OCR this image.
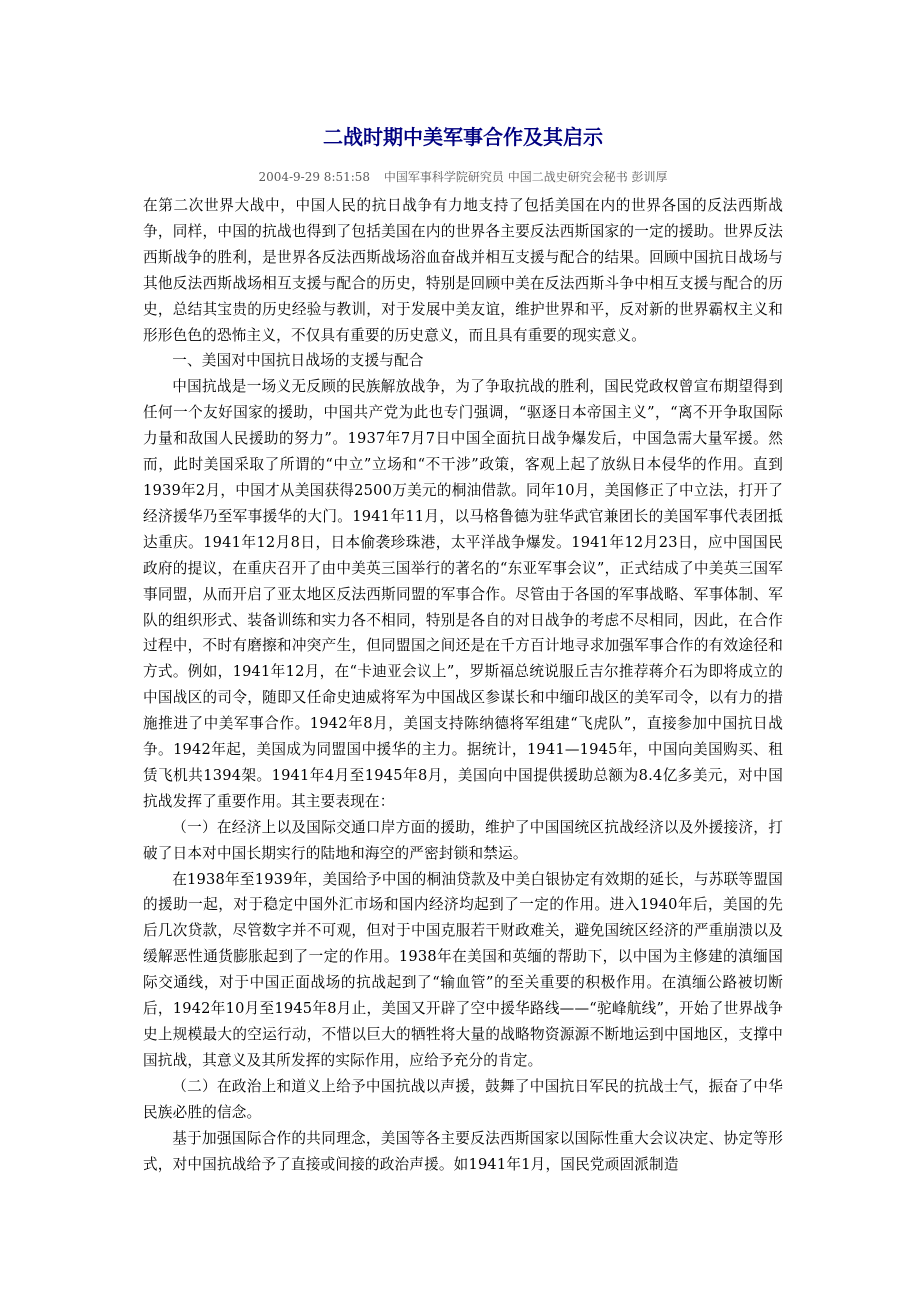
二战时期中美军事合作及其启示
2004-9-29 8:51:58 中国军事科学院研究员 中国二战史研究会秘书 彭训厚

在第二次世界大战中，中国人民的抗日战争有力地支持了包括美国在内的世界各国的反法西斯战争，同样，中国的抗战也得到了包括美国在内的世界各主要反法西斯国家的一定的援助。世界反法西斯战争的胜利，是世界各反法西斯战场浴血奋战并相互支援与配合的结果。回顾中国抗日战场与其他反法西斯战场相互支援与配合的历史，特别是回顾中美在反法西斯斗争中相互支援与配合的历史，总结其宝贵的历史经验与教训，对于发展中美友谊，维护世界和平，反对新的世界霸权主义和形形色色的恐怖主义，不仅具有重要的历史意义，而且具有重要的现实意义。

一、美国对中国抗日战场的支援与配合

中国抗战是一场义无反顾的民族解放战争，为了争取抗战的胜利，国民党政权曾宣布期望得到任何一个友好国家的援助，中国共产党为此也专门强调，“驱逐日本帝国主义”，“离不开争取国际力量和敌国人民援助的努力”。1937年7月7日中国全面抗日战争爆发后，中国急需大量军援。然而，此时美国采取了所谓的“中立”立场和“不干涉”政策，客观上起了放纵日本侵华的作用。直到1939年2月，中国才从美国获得2500万美元的桐油借款。同年10月，美国修正了中立法，打开了经济援华乃至军事援华的大门。1941年11月，以马格鲁德为驻华武官兼团长的美国军事代表团抵达重庆。1941年12月8日，日本偷袭珍珠港，太平洋战争爆发。1941年12月23日，应中国国民政府的提议，在重庆召开了由中美英三国举行的著名的“东亚军事会议”，正式结成了中美英三国军事同盟，从而开启了亚太地区反法西斯同盟的军事合作。尽管由于各国的军事战略、军事体制、军队的组织形式、装备训练和实力各不相同，特别是各自的对日战争的考虑不尽相同，因此，在合作过程中，不时有磨擦和冲突产生，但同盟国之间还是在千方百计地寻求加强军事合作的有效途径和方式。例如，1941年12月，在“卡迪亚会议上”，罗斯福总统说服丘吉尔推荐蒋介石为即将成立的中国战区的司令，随即又任命史迪威将军为中国战区参谋长和中缅印战区的美军司令，以有力的措施推进了中美军事合作。1942年8月，美国支持陈纳德将军组建“飞虎队”，直接参加中国抗日战争。1942年起，美国成为同盟国中援华的主力。据统计，1941—1945年，中国向美国购买、租赁飞机共1394架。1941年4月至1945年8月，美国向中国提供援助总额为8.4亿多美元，对中国抗战发挥了重要作用。其主要表现在：

（一）在经济上以及国际交通口岸方面的援助，维护了中国国统区抗战经济以及外援接济，打破了日本对中国长期实行的陆地和海空的严密封锁和禁运。

在1938年至1939年，美国给予中国的桐油贷款及中美白银协定有效期的延长，与苏联等盟国的援助一起，对于稳定中国外汇市场和国内经济均起到了一定的作用。进入1940年后，美国的先后几次贷款，尽管数字并不可观，但对于中国克服若干财政难关，避免国统区经济的严重崩溃以及缓解恶性通货膨胀起到了一定的作用。1938年在美国和英缅的帮助下，以中国为主修建的滇缅国际交通线，对于中国正面战场的抗战起到了“输血管”的至关重要的积极作用。在滇缅公路被切断后，1942年10月至1945年8月止，美国又开辟了空中援华路线——“驼峰航线”，开始了世界战争史上规模最大的空运行动，不惜以巨大的牺牲将大量的战略物资源源不断地运到中国地区，支撑中国抗战，其意义及其所发挥的实际作用，应给予充分的肯定。

（二）在政治上和道义上给予中国抗战以声援，鼓舞了中国抗日军民的抗战士气，振奋了中华民族必胜的信念。

基于加强国际合作的共同理念，美国等各主要反法西斯国家以国际性重大会议决定、协定等形式，对中国抗战给予了直接或间接的政治声援。如1941年1月，国民党顽固派制造
